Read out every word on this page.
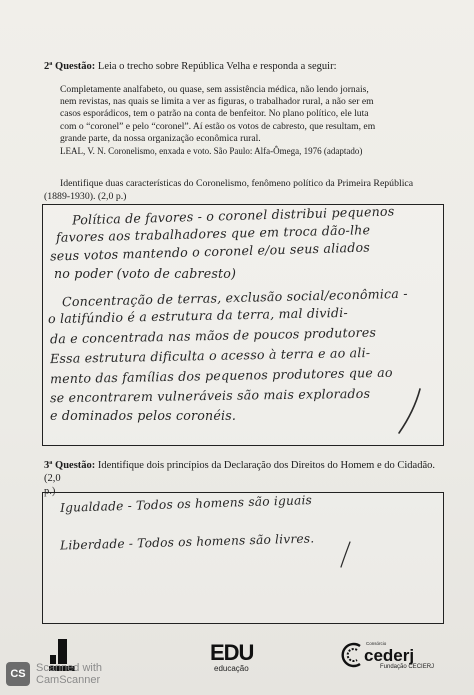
2ª Questão: Leia o trecho sobre República Velha e responda a seguir:
Completamente analfabeto, ou quase, sem assistência médica, não lendo jornais,
nem revistas, nas quais se limita a ver as figuras, o trabalhador rural, a não ser em
casos esporádicos, tem o patrão na conta de benfeitor. No plano político, ele luta
com o “coronel” e pelo “coronel”. Aí estão os votos de cabresto, que resultam, em
grande parte, da nossa organização econômica rural.
LEAL, V. N. Coronelismo, enxada e voto. São Paulo: Alfa-Ômega, 1976 (adaptado)
Identifique duas características do Coronelismo, fenômeno político da Primeira República
(1889-1930). (2,0 p.)
Política de favores - o coronel distribui pequenos
favores aos trabalhadores que em troca dão-lhe
seus votos mantendo o coronel e/ou seus aliados
no poder (voto de cabresto)
Concentração de terras, exclusão social/econômica -
o latifúndio é a estrutura da terra, mal dividi-
da e concentrada nas mãos de poucos produtores
Essa estrutura dificulta o acesso à terra e ao ali-
mento das famílias dos pequenos produtores que ao
se encontrarem vulneráveis são mais explorados
e dominados pelos coronéis.
3ª Questão: Identifique dois princípios da Declaração dos Direitos do Homem e do Cidadão. (2,0
p.)
Igualdade - Todos os homens são iguais
Liberdade - Todos os homens são livres.
EDU
educação
Consórcio
cederj
Fundação CECIERJ
CS Scanned with
CamScanner
